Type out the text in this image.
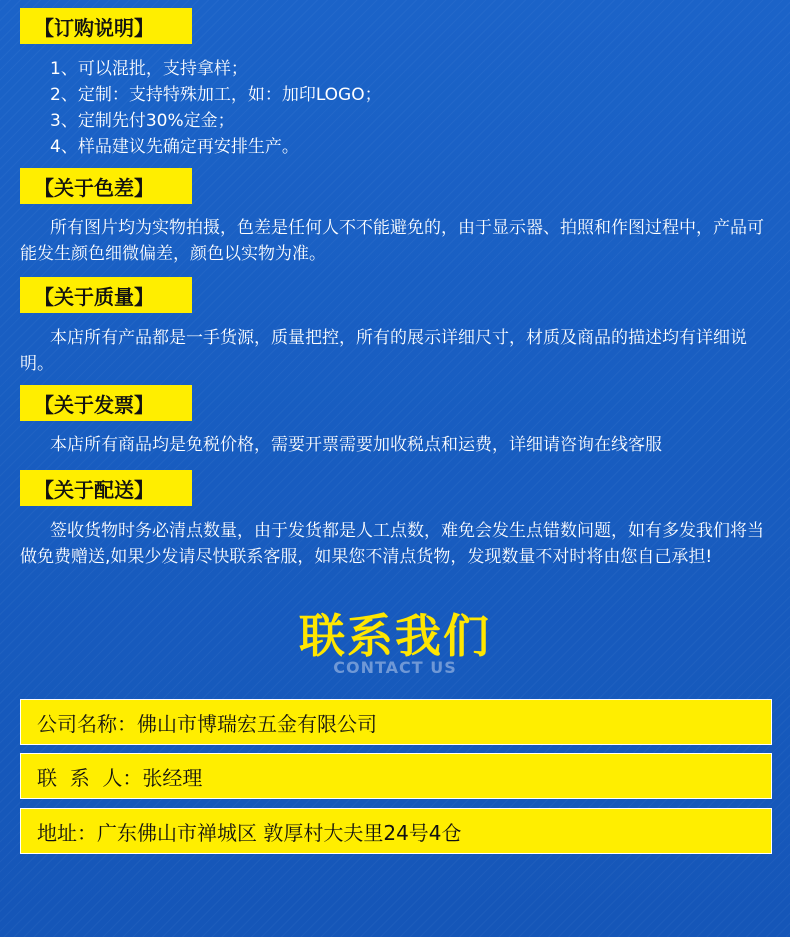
【订购说明】
1、可以混批，支持拿样；
2、定制：支持特殊加工，如：加印LOGO；
3、定制先付30%定金；
4、样品建议先确定再安排生产。
【关于色差】
所有图片均为实物拍摄，色差是任何人不不能避免的，由于显示器、拍照和作图过程中，产品可能发生颜色细微偏差，颜色以实物为准。
【关于质量】
本店所有产品都是一手货源，质量把控，所有的展示详细尺寸，材质及商品的描述均有详细说明。
【关于发票】
本店所有商品均是免税价格，需要开票需要加收税点和运费，详细请咨询在线客服
【关于配送】
签收货物时务必清点数量，由于发货都是人工点数，难免会发生点错数问题，如有多发我们将当做免费赠送,如果少发请尽快联系客服，如果您不清点货物，发现数量不对时将由您自己承担!
联系我们
CONTACT US
公司名称：佛山市博瑞宏五金有限公司
联  系  人：张经理
地址：广东佛山市禅城区 敦厚村大夫里24号4仓
